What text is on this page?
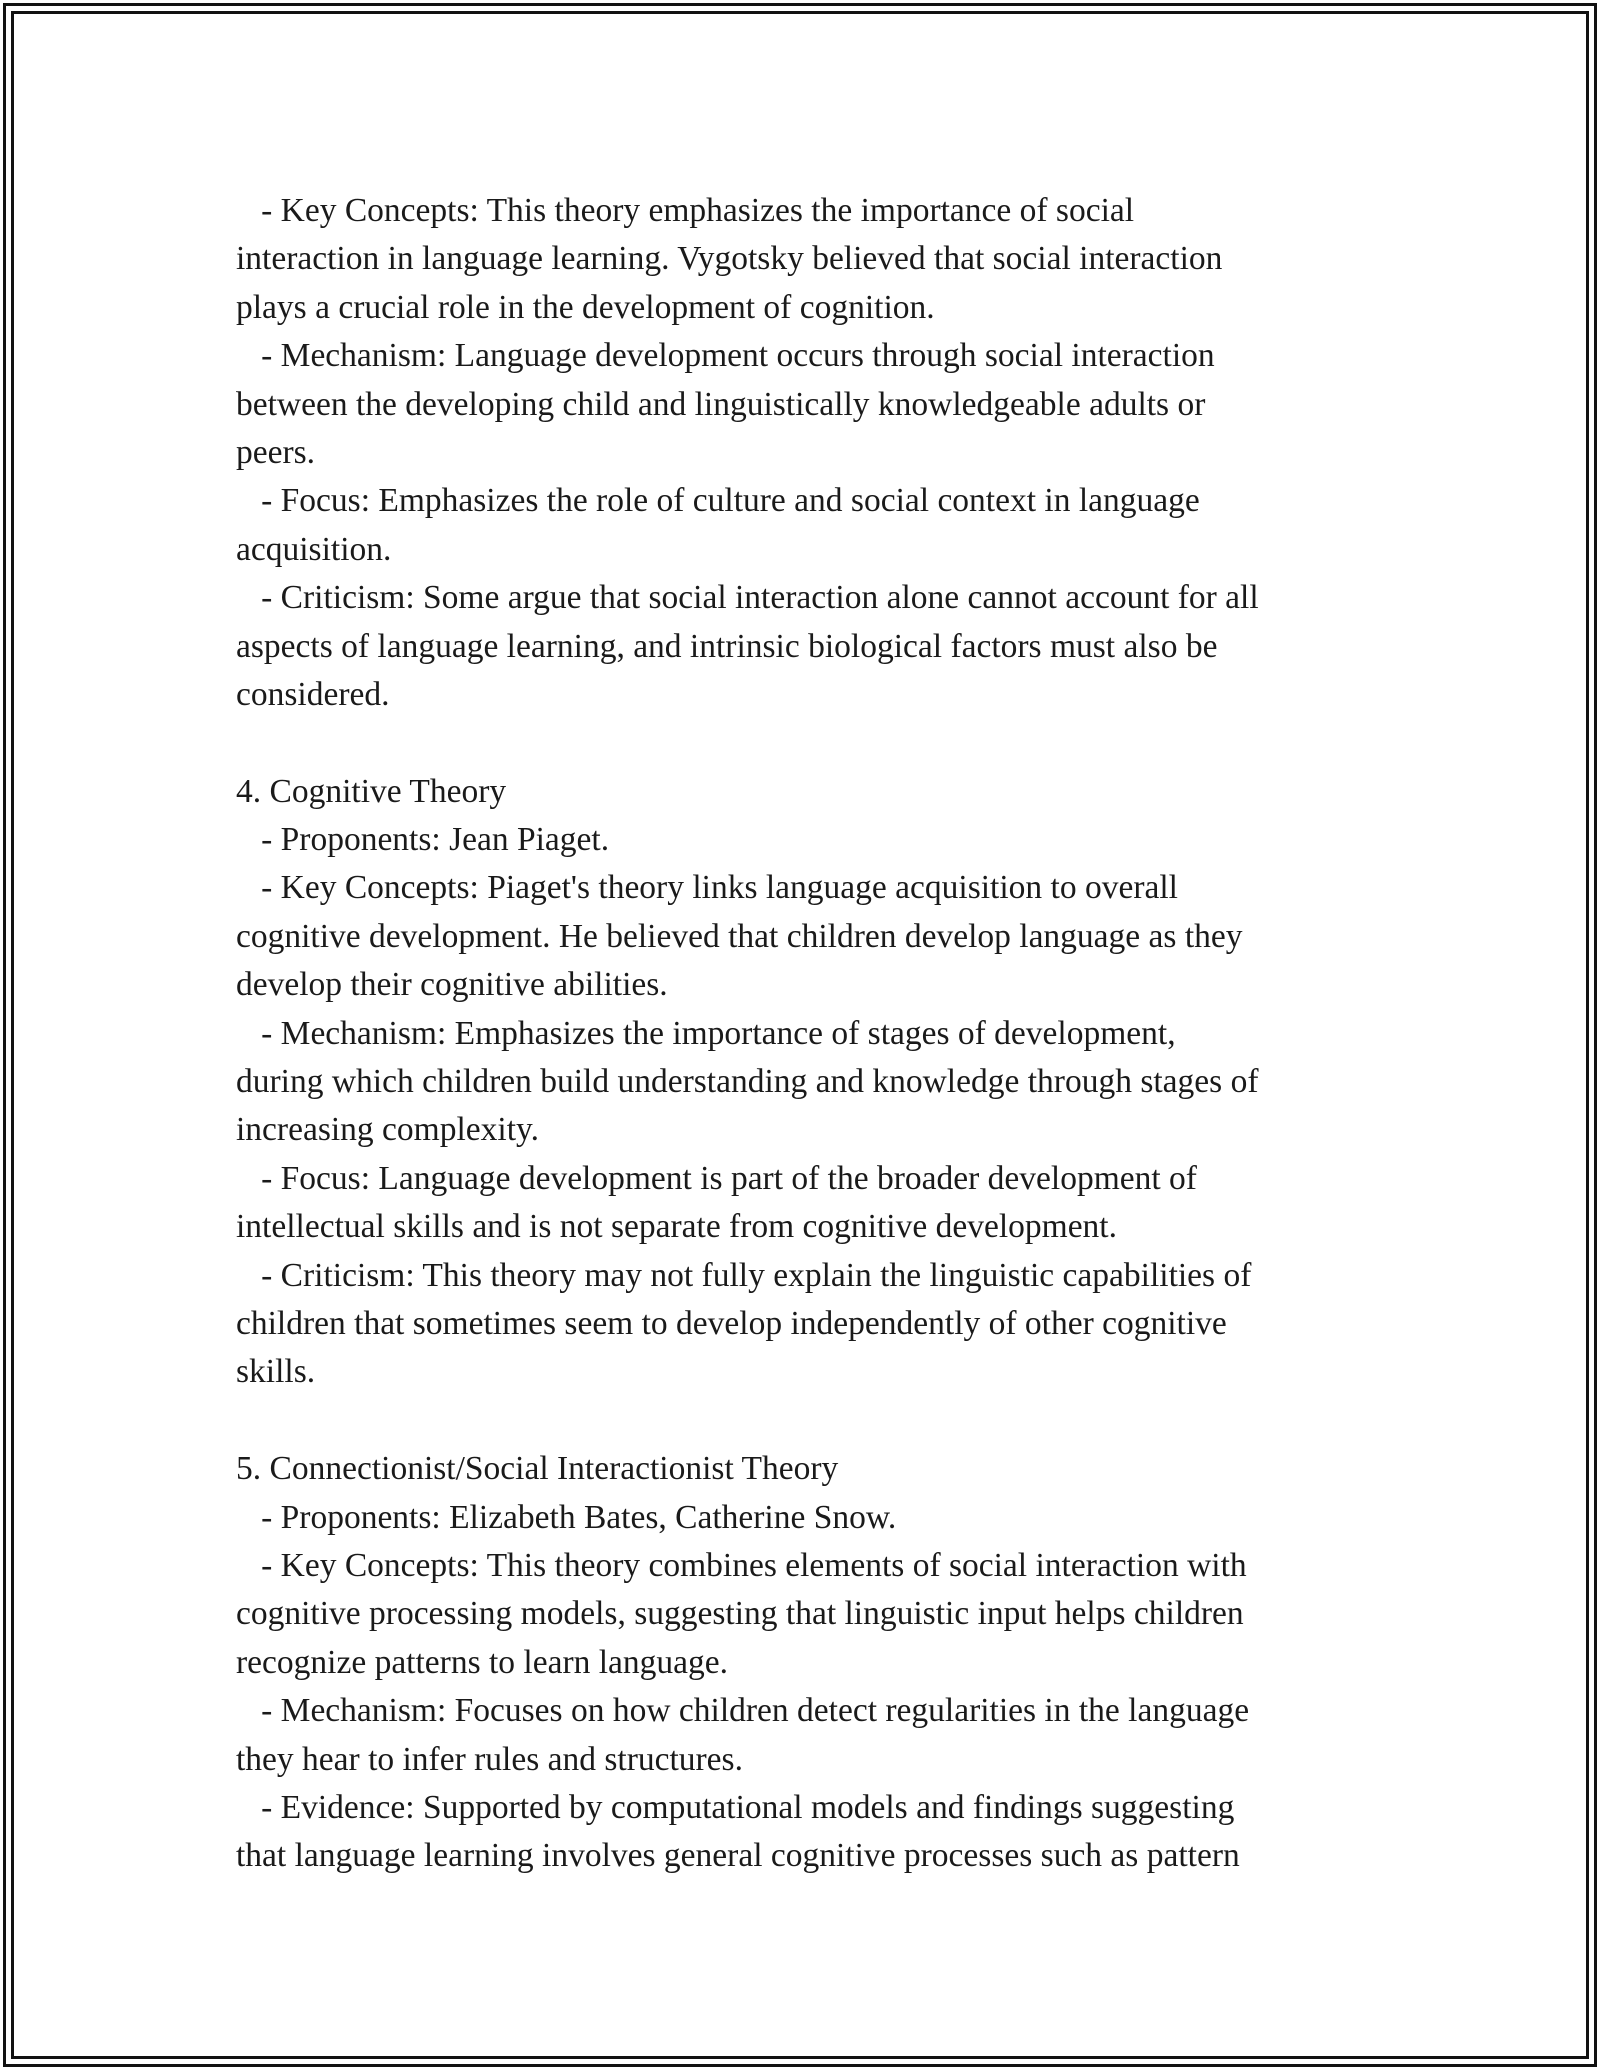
- Key Concepts: This theory emphasizes the importance of social
interaction in language learning. Vygotsky believed that social interaction
plays a crucial role in the development of cognition.
- Mechanism: Language development occurs through social interaction
between the developing child and linguistically knowledgeable adults or
peers.
- Focus: Emphasizes the role of culture and social context in language
acquisition.
- Criticism: Some argue that social interaction alone cannot account for all
aspects of language learning, and intrinsic biological factors must also be
considered.
4. Cognitive Theory
- Proponents: Jean Piaget.
- Key Concepts: Piaget's theory links language acquisition to overall
cognitive development. He believed that children develop language as they
develop their cognitive abilities.
- Mechanism: Emphasizes the importance of stages of development,
during which children build understanding and knowledge through stages of
increasing complexity.
- Focus: Language development is part of the broader development of
intellectual skills and is not separate from cognitive development.
- Criticism: This theory may not fully explain the linguistic capabilities of
children that sometimes seem to develop independently of other cognitive
skills.
5. Connectionist/Social Interactionist Theory
- Proponents: Elizabeth Bates, Catherine Snow.
- Key Concepts: This theory combines elements of social interaction with
cognitive processing models, suggesting that linguistic input helps children
recognize patterns to learn language.
- Mechanism: Focuses on how children detect regularities in the language
they hear to infer rules and structures.
- Evidence: Supported by computational models and findings suggesting
that language learning involves general cognitive processes such as pattern
